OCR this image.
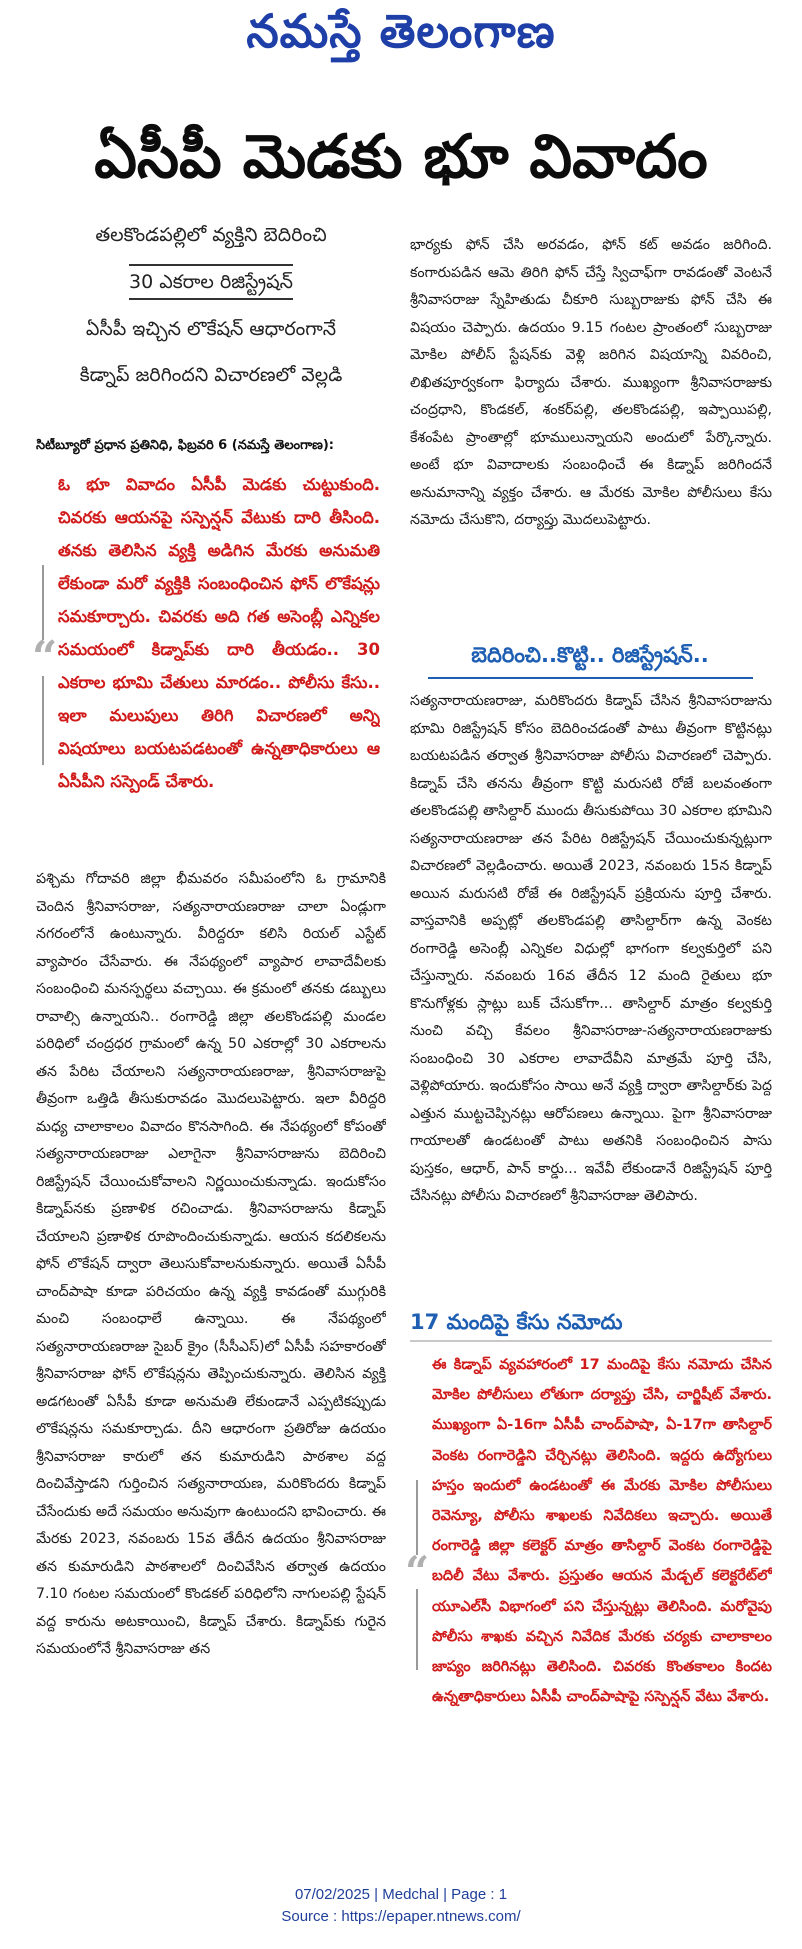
నమస్తే తెలంగాణ
ఏసీపీ మెడకు భూ వివాదం
తలకొండపల్లిలో వ్యక్తిని బెదిరించి
30 ఎకరాల రిజిస్ట్రేషన్
ఏసీపీ ఇచ్చిన లొకేషన్ ఆధారంగానే
కిడ్నాప్ జరిగిందని విచారణలో వెల్లడి
సిటీబ్యూరో ప్రధాన ప్రతినిధి, ఫిబ్రవరి 6 (నమస్తే తెలంగాణ):
“
ఓ భూ వివాదం ఏసీపీ మెడకు చుట్టుకుంది. చివరకు ఆయనపై సస్పెన్షన్ వేటుకు దారి తీసింది. తనకు తెలిసిన వ్యక్తి అడిగిన మేరకు అనుమతి లేకుండా మరో వ్యక్తికి సంబంధించిన ఫోన్ లొకేషన్లు సమకూర్చారు. చివరకు అది గత అసెంబ్లీ ఎన్నికల సమయంలో కిడ్నాప్‌కు దారి తీయడం.. 30 ఎకరాల భూమి చేతులు మారడం.. పోలీసు కేసు.. ఇలా మలుపులు తిరిగి విచారణలో అన్ని విషయాలు బయటపడటంతో ఉన్నతాధికారులు ఆ ఏసీపీని సస్పెండ్ చేశారు.
పశ్చిమ గోదావరి జిల్లా భీమవరం సమీపంలోని ఓ గ్రామానికి చెందిన శ్రీనివాసరాజు, సత్యనారాయణరాజు చాలా ఏండ్లుగా నగరంలోనే ఉంటున్నారు. వీరిద్దరూ కలిసి రియల్ ఎస్టేట్ వ్యాపారం చేసేవారు. ఈ నేపథ్యంలో వ్యాపార లావాదేవీలకు సంబంధించి మనస్పర్థలు వచ్చాయి. ఈ క్రమంలో తనకు డబ్బులు రావాల్సి ఉన్నాయని.. రంగారెడ్డి జిల్లా తలకొండపల్లి మండల పరిధిలో చంద్రధర గ్రామంలో ఉన్న 50 ఎకరాల్లో 30 ఎకరాలను తన పేరిట చేయాలని సత్యనారాయణరాజు, శ్రీనివాసరాజుపై తీవ్రంగా ఒత్తిడి తీసుకురావడం మొదలుపెట్టారు. ఇలా వీరిద్దరి మధ్య చాలాకాలం వివాదం కొనసాగింది. ఈ నేపథ్యంలో కోపంతో సత్యనారాయణరాజు ఎలాగైనా శ్రీనివాసరాజును బెదిరించి రిజిస్ట్రేషన్ చేయించుకోవాలని నిర్ణయించుకున్నాడు. ఇందుకోసం కిడ్నాప్‌నకు ప్రణాళిక రచించాడు. శ్రీనివాసరాజును కిడ్నాప్ చేయాలని ప్రణాళిక రూపొందించుకున్నాడు. ఆయన కదలికలను ఫోన్ లొకేషన్ ద్వారా తెలుసుకోవాలనుకున్నారు. అయితే ఏసీపీ చాంద్‌పాషా కూడా పరిచయం ఉన్న వ్యక్తి కావడంతో ముగ్గురికి మంచి సంబంధాలే ఉన్నాయి. ఈ నేపథ్యంలో సత్యనారాయణరాజు సైబర్ క్రైం (సీసీఎస్)లో ఏసీపీ సహకారంతో శ్రీనివాసరాజు ఫోన్ లొకేషన్లను తెప్పించుకున్నారు. తెలిసిన వ్యక్తి అడగటంతో ఏసీపీ కూడా అనుమతి లేకుండానే ఎప్పటికప్పుడు లొకేషన్లను సమకూర్చాడు. దీని ఆధారంగా ప్రతిరోజు ఉదయం శ్రీనివాసరాజు కారులో తన కుమారుడిని పాఠశాల వద్ద దించివేస్తాడని గుర్తించిన సత్యనారాయణ, మరికొందరు కిడ్నాప్ చేసేందుకు అదే సమయం అనువుగా ఉంటుందని భావించారు. ఈ మేరకు 2023, నవంబరు 15వ తేదీన ఉదయం శ్రీనివాసరాజు తన కుమారుడిని పాఠశాలలో దించివేసిన తర్వాత ఉదయం 7.10 గంటల సమయంలో కొండకల్ పరిధిలోని నాగులపల్లి స్టేషన్ వద్ద కారును అటకాయించి, కిడ్నాప్ చేశారు. కిడ్నాప్‌కు గురైన సమయంలోనే శ్రీనివాసరాజు తన
భార్యకు ఫోన్ చేసి అరవడం, ఫోన్ కట్ అవడం జరిగింది. కంగారుపడిన ఆమె తిరిగి ఫోన్ చేస్తే స్విచాఫ్‌గా రావడంతో వెంటనే శ్రీనివాసరాజు స్నేహితుడు చీకూరి సుబ్బరాజుకు ఫోన్ చేసి ఈ విషయం చెప్పారు. ఉదయం 9.15 గంటల ప్రాంతంలో సుబ్బరాజు మోకిల పోలీస్ స్టేషన్‌కు వెళ్లి జరిగిన విషయాన్ని వివరించి, లిఖితపూర్వకంగా ఫిర్యాదు చేశారు. ముఖ్యంగా శ్రీనివాసరాజుకు చంద్రధాని, కొండకల్, శంకర్‌పల్లి, తలకొండపల్లి, ఇప్పాయిపల్లి, కేశంపేట ప్రాంతాల్లో భూములున్నాయని అందులో పేర్కొన్నారు. అంటే భూ వివాదాలకు సంబంధించే ఈ కిడ్నాప్ జరిగిందనే అనుమానాన్ని వ్యక్తం చేశారు. ఆ మేరకు మోకిల పోలీసులు కేసు నమోదు చేసుకొని, దర్యాప్తు మొదలుపెట్టారు.
బెదిరించి..కొట్టి.. రిజిస్ట్రేషన్..
సత్యనారాయణరాజు, మరికొందరు కిడ్నాప్ చేసిన శ్రీనివాసరాజును భూమి రిజిస్ట్రేషన్ కోసం బెదిరించడంతో పాటు తీవ్రంగా కొట్టినట్లు బయటపడిన తర్వాత శ్రీనివాసరాజు పోలీసు విచారణలో చెప్పారు. కిడ్నాప్ చేసి తనను తీవ్రంగా కొట్టి మరుసటి రోజే బలవంతంగా తలకొండపల్లి తాసిల్దార్ ముందు తీసుకుపోయి 30 ఎకరాల భూమిని సత్యనారాయణరాజు తన పేరిట రిజిస్ట్రేషన్ చేయించుకున్నట్లుగా విచారణలో వెల్లడించారు. అయితే 2023, నవంబరు 15న కిడ్నాప్ అయిన మరుసటి రోజే ఈ రిజిస్ట్రేషన్ ప్రక్రియను పూర్తి చేశారు. వాస్తవానికి అప్పట్లో తలకొండపల్లి తాసిల్దార్‌గా ఉన్న వెంకట రంగారెడ్డి అసెంబ్లీ ఎన్నికల విధుల్లో భాగంగా కల్వకుర్తిలో పని చేస్తున్నారు. నవంబరు 16వ తేదీన 12 మంది రైతులు భూ కొనుగోళ్లకు స్లాట్లు బుక్ చేసుకోగా... తాసిల్దార్ మాత్రం కల్వకుర్తి నుంచి వచ్చి కేవలం శ్రీనివాసరాజు-సత్యనారాయణరాజుకు సంబంధించి 30 ఎకరాల లావాదేవీని మాత్రమే పూర్తి చేసి, వెళ్లిపోయారు. ఇందుకోసం సాయి అనే వ్యక్తి ద్వారా తాసిల్దార్‌కు పెద్ద ఎత్తున ముట్టచెప్పినట్లు ఆరోపణలు ఉన్నాయి. పైగా శ్రీనివాసరాజు గాయాలతో ఉండటంతో పాటు అతనికి సంబంధించిన పాసు పుస్తకం, ఆధార్, పాన్ కార్డు... ఇవేవీ లేకుండానే రిజిస్ట్రేషన్ పూర్తి చేసినట్లు పోలీసు విచారణలో శ్రీనివాసరాజు తెలిపారు.
17 మందిపై కేసు నమోదు
“
ఈ కిడ్నాప్ వ్యవహారంలో 17 మందిపై కేసు నమోదు చేసిన మోకిల పోలీసులు లోతుగా దర్యాప్తు చేసి, చార్జిషీట్ వేశారు. ముఖ్యంగా ఏ-16గా ఏసీపీ చాంద్‌పాషా, ఏ-17గా తాసిల్దార్ వెంకట రంగారెడ్డిని చేర్చినట్లు తెలిసింది. ఇద్దరు ఉద్యోగులు హస్తం ఇందులో ఉండటంతో ఈ మేరకు మోకిల పోలీసులు రెవెన్యూ, పోలీసు శాఖలకు నివేదికలు ఇచ్చారు. అయితే రంగారెడ్డి జిల్లా కలెక్టర్ మాత్రం తాసిల్దార్ వెంకట రంగారెడ్డిపై బదిలీ వేటు వేశారు. ప్రస్తుతం ఆయన మేడ్చల్ కలెక్టరేట్‌లో యూఎల్‌సీ విభాగంలో పని చేస్తున్నట్లు తెలిసింది. మరోవైపు పోలీసు శాఖకు వచ్చిన నివేదిక మేరకు చర్యకు చాలాకాలం జాప్యం జరిగినట్లు తెలిసింది. చివరకు కొంతకాలం కిందట ఉన్నతాధికారులు ఏసీపీ చాంద్‌పాషాపై సస్పెన్షన్ వేటు వేశారు.
07/02/2025 | Medchal | Page : 1
Source : https://epaper.ntnews.com/
